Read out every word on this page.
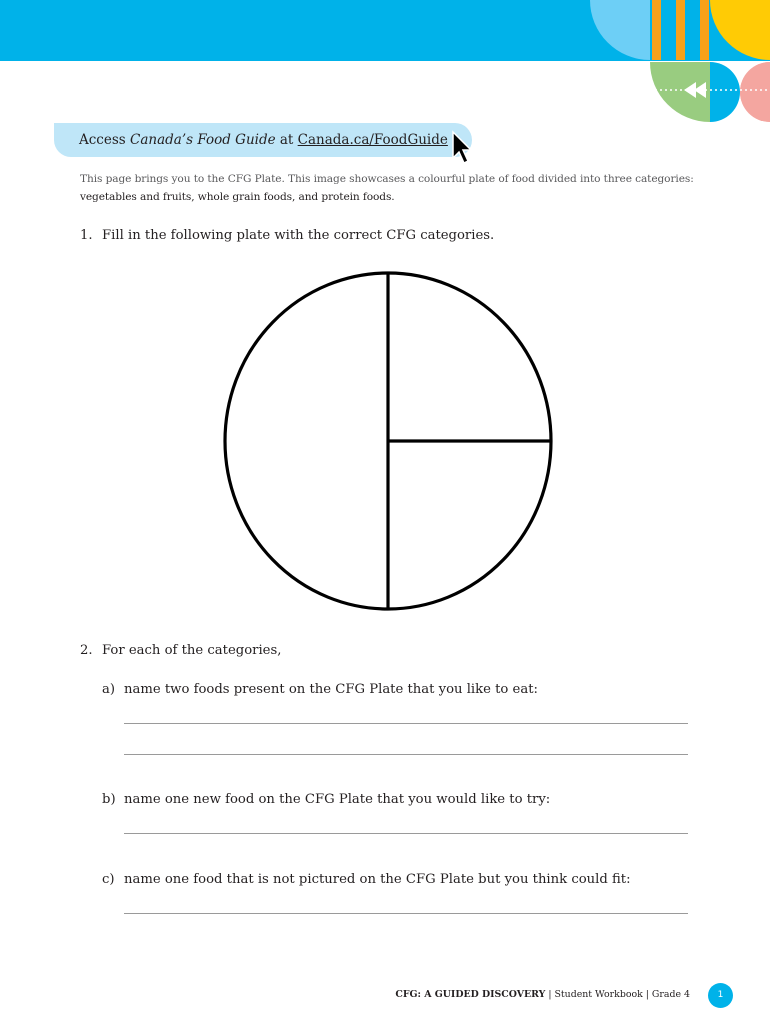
Access Canada’s Food Guide at Canada.ca/FoodGuide
This page brings you to the CFG Plate. This image showcases a colourful plate of food divided into three categories:
vegetables and fruits, whole grain foods, and protein foods.
1. Fill in the following plate with the correct CFG categories.
2. For each of the categories,
a) name two foods present on the CFG Plate that you like to eat:
b) name one new food on the CFG Plate that you would like to try:
c) name one food that is not pictured on the CFG Plate but you think could fit:
CFG: A GUIDED DISCOVERY | Student Workbook | Grade 4	1
